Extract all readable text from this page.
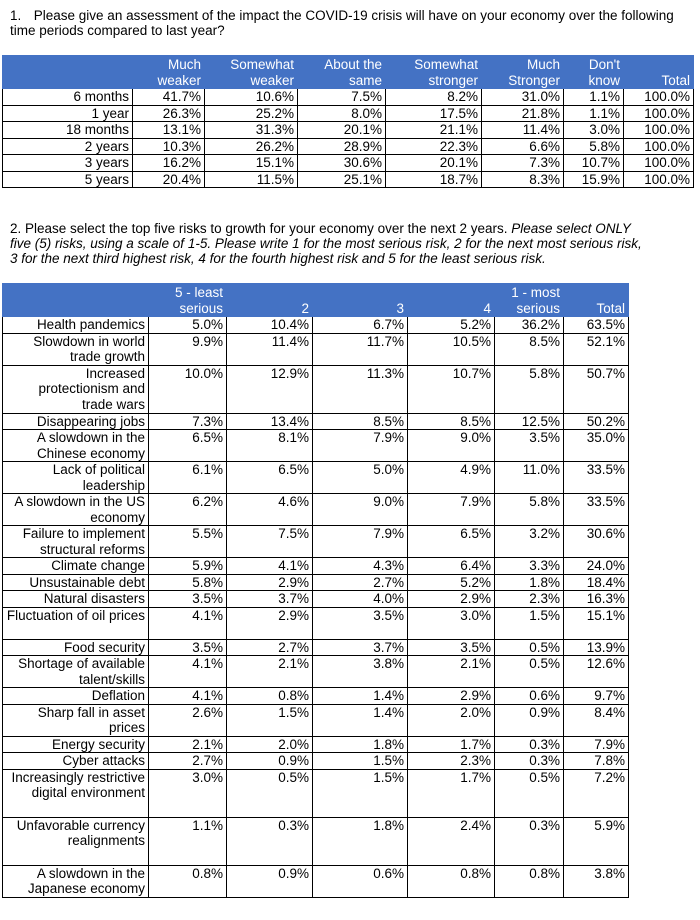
1. Please give an assessment of the impact the COVID-19 crisis will have on your economy over the following time periods compared to last year?

	Much weaker	Somewhat weaker	About the same	Somewhat stronger	Much Stronger	Don't know	Total
6 months	41.7%	10.6%	7.5%	8.2%	31.0%	1.1%	100.0%
1 year	26.3%	25.2%	8.0%	17.5%	21.8%	1.1%	100.0%
18 months	13.1%	31.3%	20.1%	21.1%	11.4%	3.0%	100.0%
2 years	10.3%	26.2%	28.9%	22.3%	6.6%	5.8%	100.0%
3 years	16.2%	15.1%	30.6%	20.1%	7.3%	10.7%	100.0%
5 years	20.4%	11.5%	25.1%	18.7%	8.3%	15.9%	100.0%

2. Please select the top five risks to growth for your economy over the next 2 years. Please select ONLY five (5) risks, using a scale of 1-5. Please write 1 for the most serious risk, 2 for the next most serious risk, 3 for the next third highest risk, 4 for the fourth highest risk and 5 for the least serious risk.

	5 - least serious	2	3	4	1 - most serious	Total
Health pandemics	5.0%	10.4%	6.7%	5.2%	36.2%	63.5%
Slowdown in world trade growth	9.9%	11.4%	11.7%	10.5%	8.5%	52.1%
Increased protectionism and trade wars	10.0%	12.9%	11.3%	10.7%	5.8%	50.7%
Disappearing jobs	7.3%	13.4%	8.5%	8.5%	12.5%	50.2%
A slowdown in the Chinese economy	6.5%	8.1%	7.9%	9.0%	3.5%	35.0%
Lack of political leadership	6.1%	6.5%	5.0%	4.9%	11.0%	33.5%
A slowdown in the US economy	6.2%	4.6%	9.0%	7.9%	5.8%	33.5%
Failure to implement structural reforms	5.5%	7.5%	7.9%	6.5%	3.2%	30.6%
Climate change	5.9%	4.1%	4.3%	6.4%	3.3%	24.0%
Unsustainable debt	5.8%	2.9%	2.7%	5.2%	1.8%	18.4%
Natural disasters	3.5%	3.7%	4.0%	2.9%	2.3%	16.3%
Fluctuation of oil prices	4.1%	2.9%	3.5%	3.0%	1.5%	15.1%
Food security	3.5%	2.7%	3.7%	3.5%	0.5%	13.9%
Shortage of available talent/skills	4.1%	2.1%	3.8%	2.1%	0.5%	12.6%
Deflation	4.1%	0.8%	1.4%	2.9%	0.6%	9.7%
Sharp fall in asset prices	2.6%	1.5%	1.4%	2.0%	0.9%	8.4%
Energy security	2.1%	2.0%	1.8%	1.7%	0.3%	7.9%
Cyber attacks	2.7%	0.9%	1.5%	2.3%	0.3%	7.8%
Increasingly restrictive digital environment	3.0%	0.5%	1.5%	1.7%	0.5%	7.2%
Unfavorable currency realignments	1.1%	0.3%	1.8%	2.4%	0.3%	5.9%
A slowdown in the Japanese economy	0.8%	0.9%	0.6%	0.8%	0.8%	3.8%
